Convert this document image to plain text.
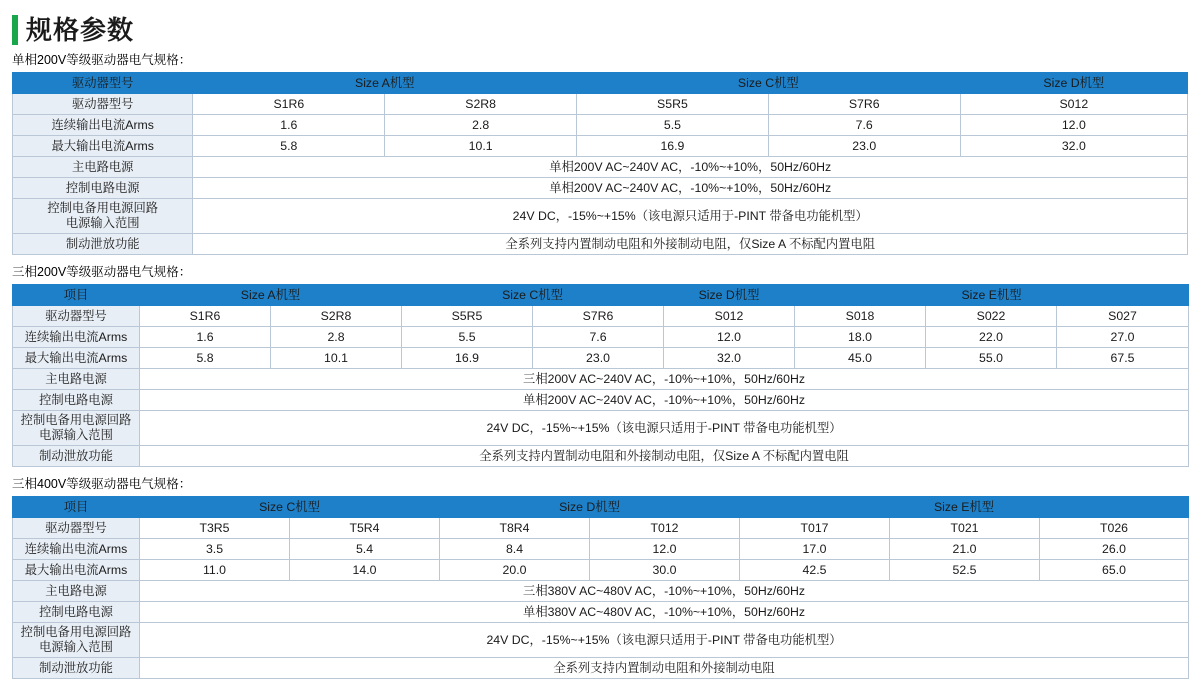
规格参数
单相200V等级驱动器电气规格：
驱动器型号	Size A机型		Size C机型		Size D机型
驱动器型号	S1R6	S2R8	S5R5	S7R6	S012
连续输出电流Arms	1.6	2.8	5.5	7.6	12.0
最大输出电流Arms	5.8	10.1	16.9	23.0	32.0
主电路电源	单相200V AC~240V AC，-10%~+10%，50Hz/60Hz				
控制电路电源	单相200V AC~240V AC，-10%~+10%，50Hz/60Hz				

控制电备用电源回路
电源输入范围	24V DC，-15%~+15%（该电源只适用于-PINT 带备电功能机型）				
制动泄放功能	全系列支持内置制动电阻和外接制动电阻，仅Size A 不标配内置电阻				
三相200V等级驱动器电气规格：
项目	Size A机型		Size C机型		Size D机型	Size E机型		
驱动器型号	S1R6	S2R8	S5R5	S7R6	S012	S018	S022	S027
连续输出电流Arms	1.6	2.8	5.5	7.6	12.0	18.0	22.0	27.0
最大输出电流Arms	5.8	10.1	16.9	23.0	32.0	45.0	55.0	67.5
主电路电源	三相200V AC~240V AC，-10%~+10%，50Hz/60Hz							
控制电路电源	单相200V AC~240V AC，-10%~+10%，50Hz/60Hz							

控制电备用电源回路
电源输入范围	24V DC，-15%~+15%（该电源只适用于-PINT 带备电功能机型）							
制动泄放功能	全系列支持内置制动电阻和外接制动电阻，仅Size A 不标配内置电阻							
三相400V等级驱动器电气规格：
项目	Size C机型		Size D机型		Size E机型		
驱动器型号	T3R5	T5R4	T8R4	T012	T017	T021	T026
连续输出电流Arms	3.5	5.4	8.4	12.0	17.0	21.0	26.0
最大输出电流Arms	11.0	14.0	20.0	30.0	42.5	52.5	65.0
主电路电源	三相380V AC~480V AC，-10%~+10%，50Hz/60Hz						
控制电路电源	单相380V AC~480V AC，-10%~+10%，50Hz/60Hz						

控制电备用电源回路
电源输入范围	24V DC，-15%~+15%（该电源只适用于-PINT 带备电功能机型）						
制动泄放功能	全系列支持内置制动电阻和外接制动电阻						
